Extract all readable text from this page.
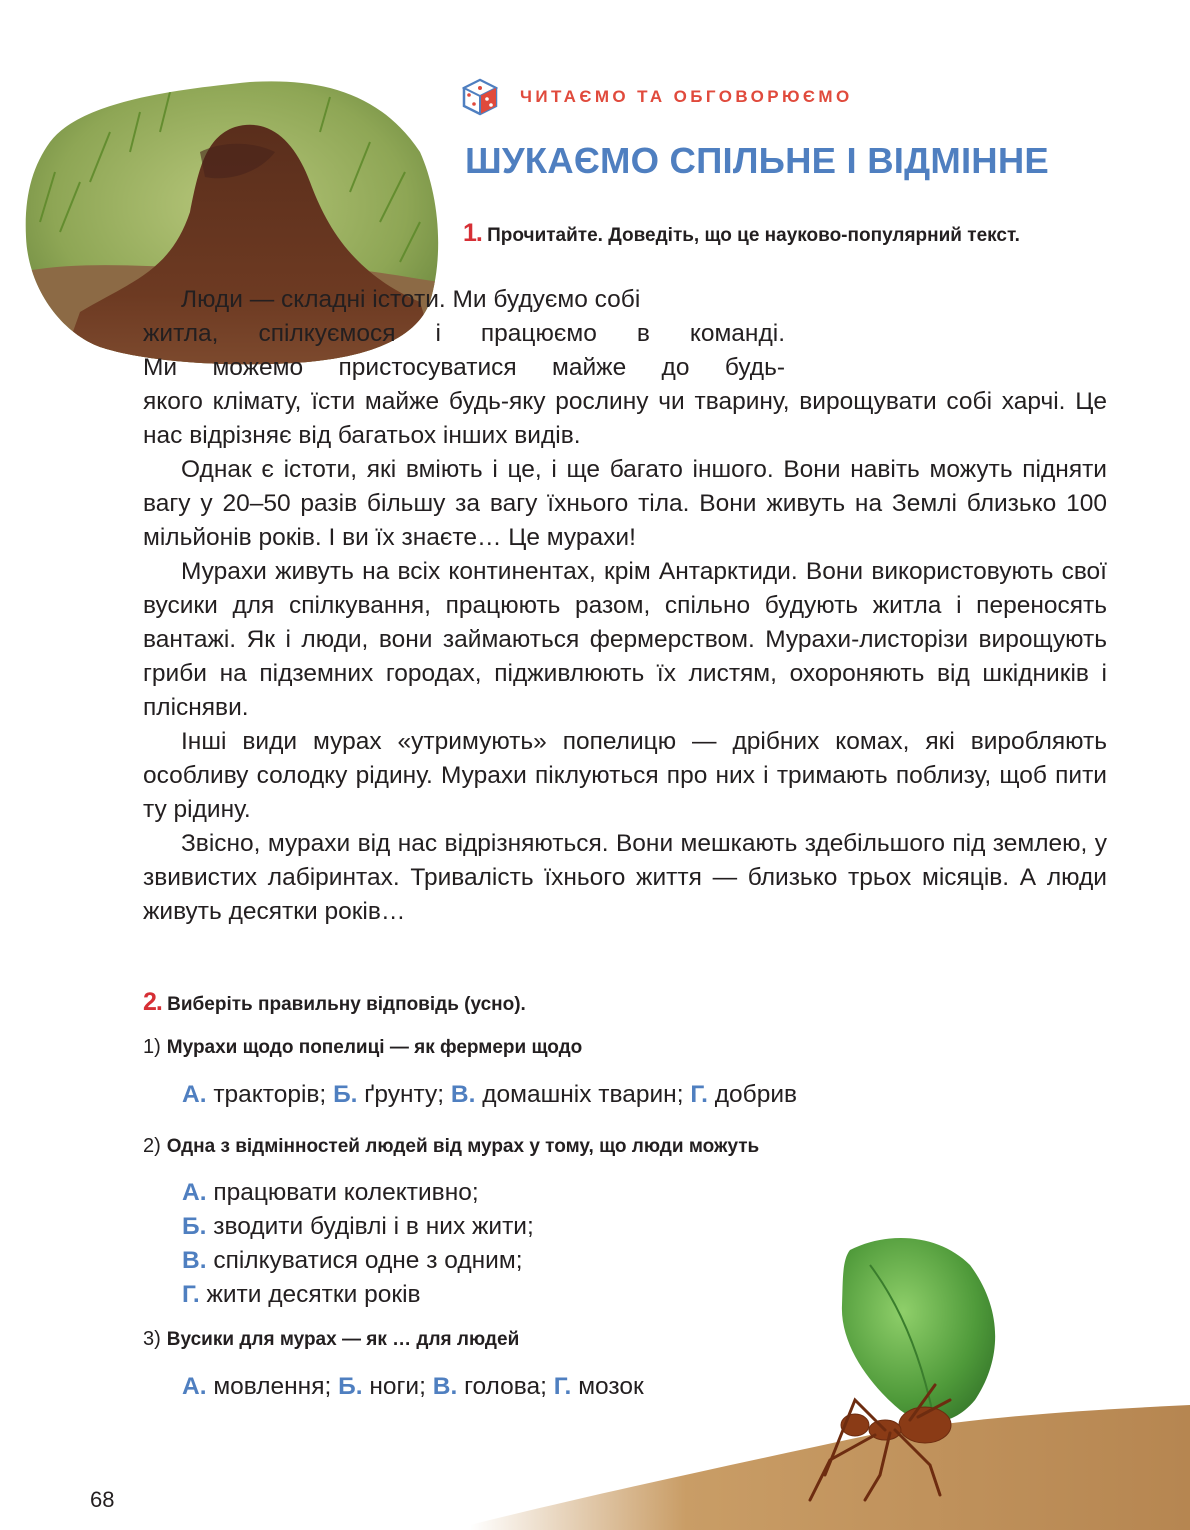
ЧИТАЄМО ТА ОБГОВОРЮЄМО
ШУКАЄМО СПІЛЬНЕ І ВІДМІННЕ
1. Прочитайте. Доведіть, що це науково-популярний текст.

Люди — складні істоти. Ми будуємо собі
житла, спілкуємося і працюємо в команді.
Ми можемо пристосуватися майже до будь-

якого клімату, їсти майже будь-яку рослину чи тварину, вирощувати собі харчі. Це нас відрізняє від багатьох інших видів.

Однак є істоти, які вміють і це, і ще багато іншого. Вони навіть можуть підняти вагу у 20–50 разів більшу за вагу їхнього тіла. Вони живуть на Землі близько 100 мільйонів років. І ви їх знаєте… Це мурахи!

Мурахи живуть на всіх континентах, крім Антарктиди. Вони використовують свої вусики для спілкування, працюють разом, спільно будують житла і переносять вантажі. Як і люди, вони займаються фермерством. Мурахи-листорізи вирощують гриби на підземних городах, підживлюють їх листям, охороняють від шкідників і плісняви.

Інші види мурах «утримують» попелицю — дрібних комах, які виробляють особливу солодку рідину. Мурахи піклуються про них і тримають поблизу, щоб пити ту рідину.

Звісно, мурахи від нас відрізняються. Вони мешкають здебільшого під землею, у звивистих лабіринтах. Тривалість їхнього життя — близько трьох місяців. А люди живуть десятки років…

2. Виберіть правильну відповідь (усно).
1) Мурахи щодо попелиці — як фермери щодо
А. тракторів; Б. ґрунту; В. домашніх тварин; Г. добрив
2) Одна з відмінностей людей від мурах у тому, що люди можуть
А. працювати колективно;
Б. зводити будівлі і в них жити;
В. спілкуватися одне з одним;
Г. жити десятки років
3) Вусики для мурах — як … для людей
А. мовлення; Б. ноги; В. голова; Г. мозок
68
